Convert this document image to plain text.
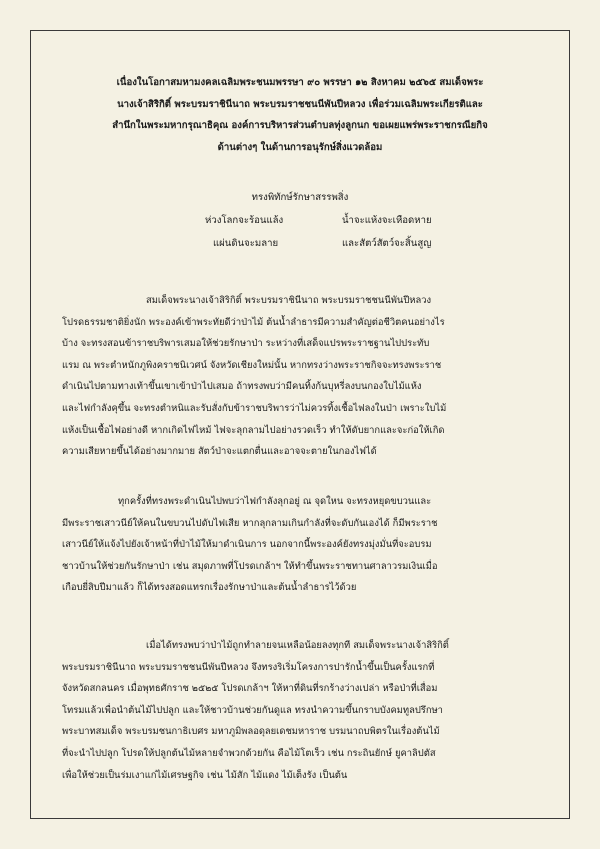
เนื่องในโอกาสมหามงคลเฉลิมพระชนมพรรษา ๙๐ พรรษา ๑๒ สิงหาคม ๒๕๖๕ สมเด็จพระ
นางเจ้าสิริกิติ์ พระบรมราชินีนาถ พระบรมราชชนนีพันปีหลวง เพื่อร่วมเฉลิมพระเกียรติและ
สำนึกในพระมหากรุณาธิคุณ องค์การบริหารส่วนตำบลทุ่งลูกนก ขอเผยแพร่พระราชกรณียกิจ
ด้านต่างๆ ในด้านการอนุรักษ์สิ่งแวดล้อม
ทรงพิทักษ์รักษาสรรพสิ่ง
ห่วงโลกจะร้อนแล้ง	น้ำจะแห้งจะเหือดหาย
แผ่นดินจะมลาย	และสัตว์สัตว์จะสิ้นสูญ
สมเด็จพระนางเจ้าสิริกิติ์ พระบรมราชินีนาถ พระบรมราชชนนีพันปีหลวง
โปรดธรรมชาติยิ่งนัก พระองค์เข้าพระทัยดีว่าป่าไม้ ต้นน้ำลำธารมีความสำคัญต่อชีวิตคนอย่างไร
บ้าง จะทรงสอนข้าราชบริพารเสมอให้ช่วยรักษาป่า ระหว่างที่เสด็จแปรพระราชฐานไปประทับ
แรม ณ พระตำหนักภูพิงคราชนิเวศน์ จังหวัดเชียงใหม่นั้น หากทรงว่างพระราชกิจจะทรงพระราช
ดำเนินไปตามทางเท้าขึ้นเขาเข้าป่าไปเสมอ ถ้าทรงพบว่ามีคนทิ้งก้นบุหรี่ลงบนกองใบไม้แห้ง
และไฟกำลังคุขึ้น จะทรงตำหนิและรับสั่งกับข้าราชบริพารว่าไม่ควรทิ้งเชื้อไฟลงในป่า เพราะใบไม้
แห้งเป็นเชื้อไฟอย่างดี หากเกิดไฟไหม้ ไฟจะลุกลามไปอย่างรวดเร็ว ทำให้ดับยากและจะก่อให้เกิด
ความเสียหายขึ้นได้อย่างมากมาย สัตว์ป่าจะแตกตื่นและอาจจะตายในกองไฟได้
ทุกครั้งที่ทรงพระดำเนินไปพบว่าไฟกำลังลุกอยู่ ณ จุดใหน จะทรงหยุดขบวนและ
มีพระราชเสาวนีย์ให้คนในขบวนไปดับไฟเสีย หากลุกลามเกินกำลังที่จะดับกันเองได้ ก็มีพระราช
เสาวนีย์ให้แจ้งไปยังเจ้าหน้าที่ป่าไม้ให้มาดำเนินการ นอกจากนี้พระองค์ยังทรงมุ่งมั่นที่จะอบรม
ชาวบ้านให้ช่วยกันรักษาป่า เช่น สมุดภาพที่โปรดเกล้าฯ ให้ทำขึ้นพระราชทานศาลาวรมเงินเมื่อ
เกือบยี่สิบปีมาแล้ว ก็ได้ทรงสอดแทรกเรื่องรักษาป่าและต้นน้ำลำธารไว้ด้วย
เมื่อได้ทรงพบว่าป่าไม้ถูกทำลายจนเหลือน้อยลงทุกที สมเด็จพระนางเจ้าสิริกิติ์
พระบรมราชินีนาถ พระบรมราชชนนีพันปีหลวง จึงทรงริเริ่มโครงการปารักน้ำขึ้นเป็นครั้งแรกที่
จังหวัดสกลนคร เมื่อพุทธศักราช ๒๕๒๕ โปรดเกล้าฯ ให้หาที่ดินที่รกร้างว่างเปล่า หรือป่าที่เสื่อม
โทรมแล้วเพื่อนำต้นไม้ไปปลูก และให้ชาวบ้านช่วยกันดูแล ทรงนำความขึ้นกราบบังคมทูลปรึกษา
พระบาทสมเด็จ พระบรมชนกาธิเบศร มหาภูมิพลอดุลยเดชมหาราช บรมนาถบพิตรในเรื่องต้นไม้
ที่จะนำไปปลูก โปรดให้ปลูกต้นไม้หลายจำพวกด้วยกัน คือไม้โตเร็ว เช่น กระถินยักษ์ ยูคาลิปตัส
เพื่อให้ช่วยเป็นร่มเงาแก่ไม้เศรษฐกิจ เช่น ไม้สัก ไม้แดง ไม้เต็งรัง เป็นต้น
